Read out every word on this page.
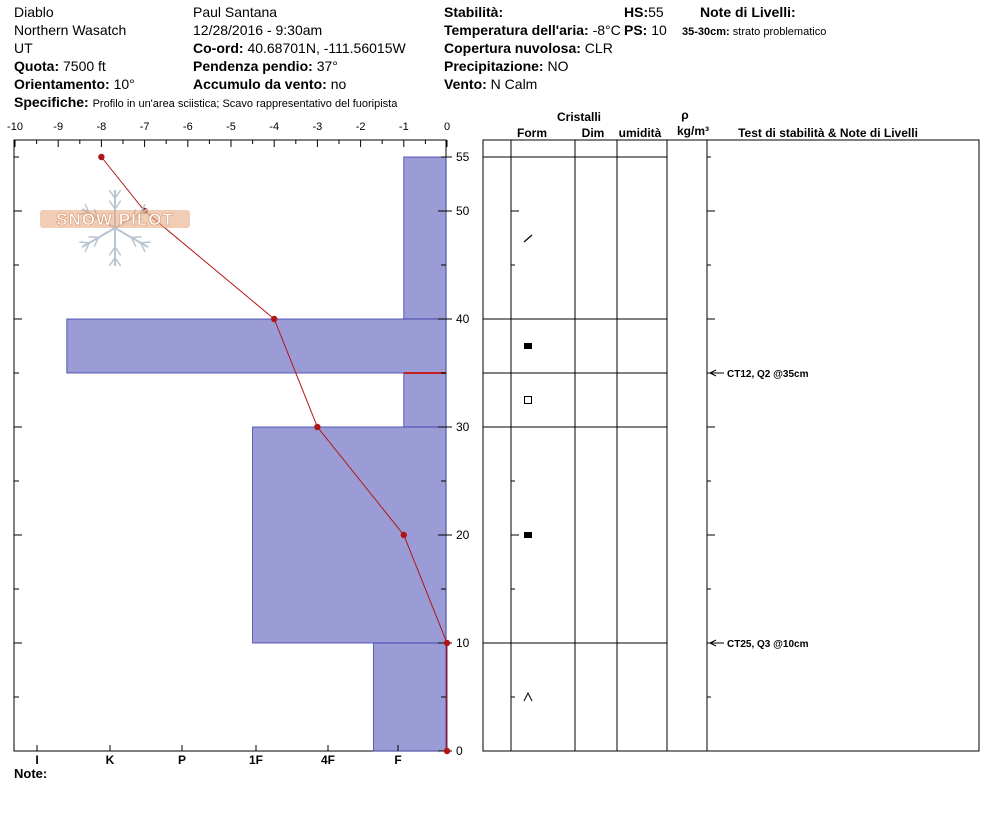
Diablo
Northern Wasatch
UT
Quota: 7500 ft
Orientamento: 10°
Specifiche: Profilo in un'area sciistica; Scavo rappresentativo del fuoripista
Paul Santana
12/28/2016 - 9:30am
Co-ord: 40.68701N, -111.56015W
Pendenza pendio: 37°
Accumulo da vento: no
Stabilità:
Temperatura dell'aria: -8°C
Copertura nuvolosa: CLR
Precipitazione: NO
Vento: N Calm
HS:55
PS: 10
Note di Livelli:
35-30cm: strato problematico
-10	-9	-8	-7	-6	-5	-4	-3	-2	-1	0
55
50
40
30
20
10
0
I	K	P	1F	4F	F
Cristalli
Form	Dim umidità
ρ
kg/m³ Test di stabilità & Note di Livelli
CT12, Q2 @35cm
CT25, Q3 @10cm
SNOW PILOT
Note:
